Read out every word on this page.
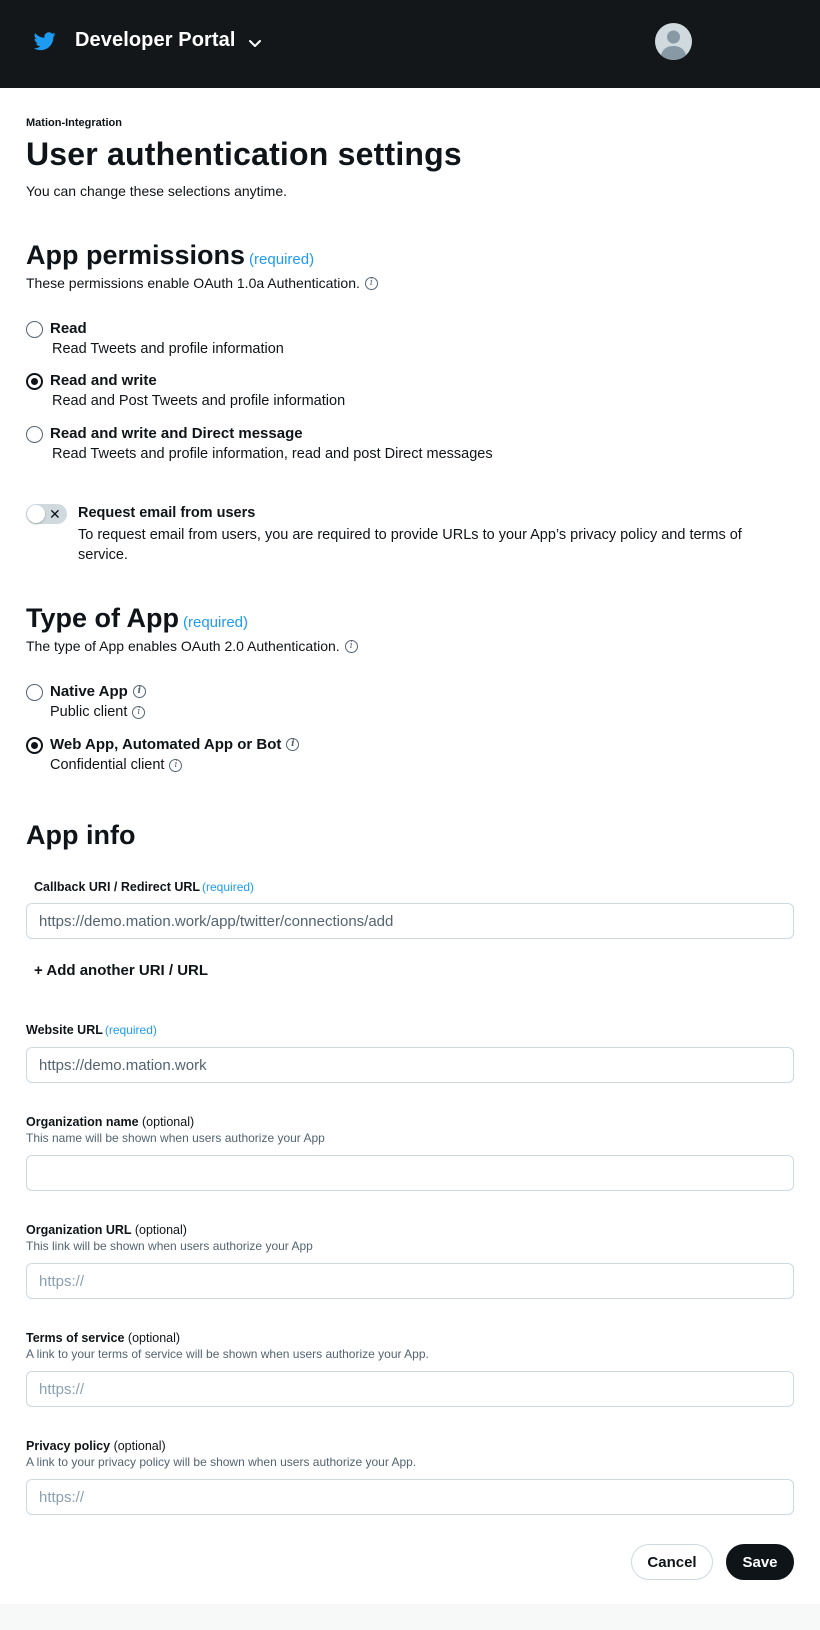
Developer Portal
Mation-Integration
User authentication settings
You can change these selections anytime.
App permissions (required)
These permissions enable OAuth 1.0a Authentication.	i
Read
Read Tweets and profile information
Read and write
Read and Post Tweets and profile information
Read and write and Direct message
Read Tweets and profile information, read and post Direct messages
✕ Request email from users
To request email from users, you are required to provide URLs to your App’s privacy policy and terms of service.
Type of App (required)
The type of App enables OAuth 2.0 Authentication.	i
Native App	i
Public client	i
Web App, Automated App or Bot	i
Confidential client	i
App info
Callback URI / Redirect URL (required)
https://demo.mation.work/app/twitter/connections/add
+ Add another URI / URL
Website URL (required)
https://demo.mation.work
Organization name (optional)
This name will be shown when users authorize your App
Organization URL (optional)
This link will be shown when users authorize your App
https://
Terms of service (optional)
A link to your terms of service will be shown when users authorize your App.
https://
Privacy policy (optional)
A link to your privacy policy will be shown when users authorize your App.
https://
Cancel	Save
